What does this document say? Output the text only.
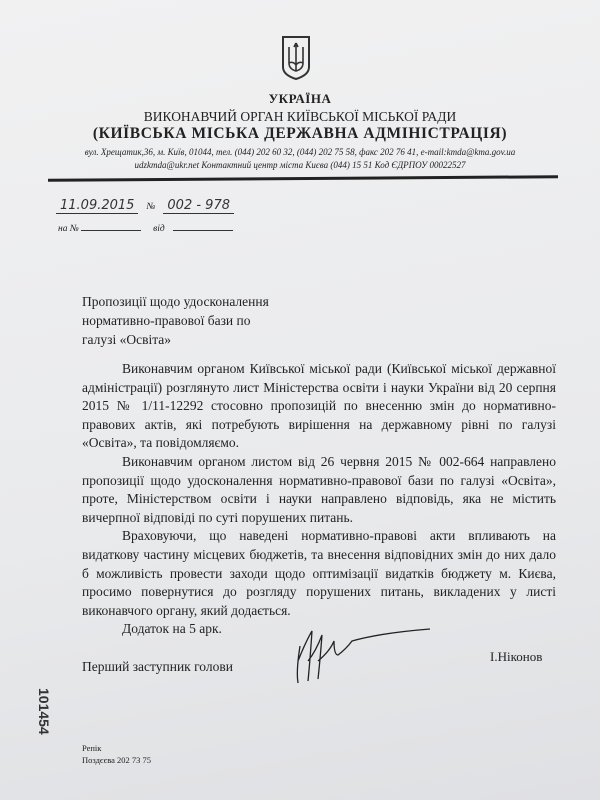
УКРАЇНА
ВИКОНАВЧИЙ ОРГАН КИЇВСЬКОЇ МІСЬКОЇ РАДИ
(КИЇВСЬКА МІСЬКА ДЕРЖАВНА АДМІНІСТРАЦІЯ)
вул. Хрещатик,36, м. Київ, 01044, тел. (044) 202 60 32, (044) 202 75 58, факс 202 76 41, e-mail:kmda@kma.gov.ua
udzkmda@ukr.net Контактний центр міста Києва (044) 15 51 Код ЄДРПОУ 00022527
11.09.2015 № 002 - 978
на №	від
Пропозиції щодо удосконалення
нормативно-правової бази по
галузі «Освіта»

Виконавчим органом Київської міської ради (Київської міської державної адміністрації) розглянуто лист Міністерства освіти і науки України від 20 серпня 2015 № 1/11-12292 стосовно пропозицій по внесенню змін до нормативно-правових актів, які потребують вирішення на державному рівні по галузі «Освіта», та повідомляємо.

Виконавчим органом листом від 26 червня 2015 № 002-664 направлено пропозиції щодо удосконалення нормативно-правової бази по галузі «Освіта», проте, Міністерством освіти і науки направлено відповідь, яка не містить вичерпної відповіді по суті порушених питань.

Враховуючи, що наведені нормативно-правові акти впливають на видаткову частину місцевих бюджетів, та внесення відповідних змін до них дало б можливість провести заходи щодо оптимізації видатків бюджету м. Києва, просимо повернутися до розгляду порушених питань, викладених у листі виконавчого органу, який додається.

Додаток на 5 арк.

Перший заступник голови
І.Ніконов
101454
Репік
Поздєєва 202 73 75
